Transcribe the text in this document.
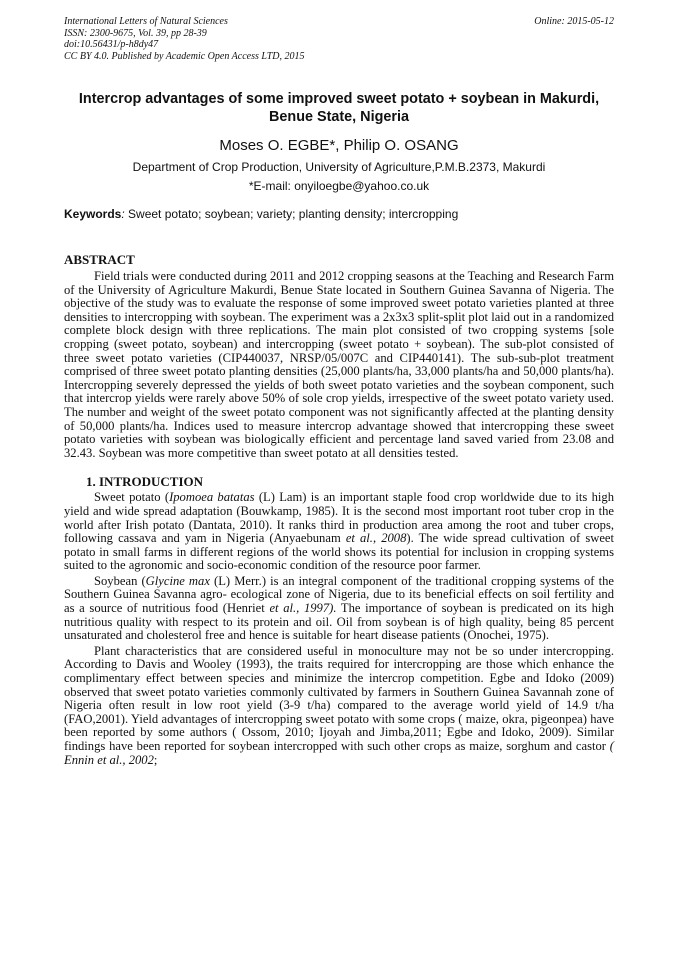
International Letters of Natural Sciences
ISSN: 2300-9675, Vol. 39, pp 28-39
doi:10.56431/p-h8dy47
CC BY 4.0. Published by Academic Open Access LTD, 2015
Online: 2015-05-12
Intercrop advantages of some improved sweet potato + soybean in Makurdi, Benue State, Nigeria
Moses O. EGBE*, Philip O. OSANG
Department of Crop Production, University of Agriculture,P.M.B.2373, Makurdi
*E-mail: onyiloegbe@yahoo.co.uk
Keywords: Sweet potato; soybean; variety; planting density; intercropping
ABSTRACT

Field trials were conducted during 2011 and 2012 cropping seasons at the Teaching and Research Farm of the University of Agriculture Makurdi, Benue State located in Southern Guinea Savanna of Nigeria. The objective of the study was to evaluate the response of some improved sweet potato varieties planted at three densities to intercropping with soybean. The experiment was a 2x3x3 split-split plot laid out in a randomized complete block design with three replications. The main plot consisted of two cropping systems [sole cropping (sweet potato, soybean) and intercropping (sweet potato + soybean). The sub-plot consisted of three sweet potato varieties (CIP440037, NRSP/05/007C and CIP440141). The sub-sub-plot treatment comprised of three sweet potato planting densities (25,000 plants/ha, 33,000 plants/ha and 50,000 plants/ha). Intercropping severely depressed the yields of both sweet potato varieties and the soybean component, such that intercrop yields were rarely above 50% of sole crop yields, irrespective of the sweet potato variety used. The number and weight of the sweet potato component was not significantly affected at the planting density of 50,000 plants/ha. Indices used to measure intercrop advantage showed that intercropping these sweet potato varieties with soybean was biologically efficient and percentage land saved varied from 23.08 and 32.43. Soybean was more competitive than sweet potato at all densities tested.

1. INTRODUCTION

Sweet potato (Ipomoea batatas (L) Lam) is an important staple food crop worldwide due to its high yield and wide spread adaptation (Bouwkamp, 1985). It is the second most important root tuber crop in the world after Irish potato (Dantata, 2010). It ranks third in production area among the root and tuber crops, following cassava and yam in Nigeria (Anyaebunam et al., 2008). The wide spread cultivation of sweet potato in small farms in different regions of the world shows its potential for inclusion in cropping systems suited to the agronomic and socio-economic condition of the resource poor farmer.

Soybean (Glycine max (L) Merr.) is an integral component of the traditional cropping systems of the Southern Guinea Savanna agro- ecological zone of Nigeria, due to its beneficial effects on soil fertility and as a source of nutritious food (Henriet et al., 1997). The importance of soybean is predicated on its high nutritious quality with respect to its protein and oil. Oil from soybean is of high quality, being 85 percent unsaturated and cholesterol free and hence is suitable for heart disease patients (Onochei, 1975).

Plant characteristics that are considered useful in monoculture may not be so under intercropping. According to Davis and Wooley (1993), the traits required for intercropping are those which enhance the complimentary effect between species and minimize the intercrop competition. Egbe and Idoko (2009) observed that sweet potato varieties commonly cultivated by farmers in Southern Guinea Savannah zone of Nigeria often result in low root yield (3-9 t/ha) compared to the average world yield of 14.9 t/ha (FAO,2001). Yield advantages of intercropping sweet potato with some crops ( maize, okra, pigeonpea) have been reported by some authors ( Ossom, 2010; Ijoyah and Jimba,2011; Egbe and Idoko, 2009). Similar findings have been reported for soybean intercropped with such other crops as maize, sorghum and castor ( Ennin et al., 2002;
